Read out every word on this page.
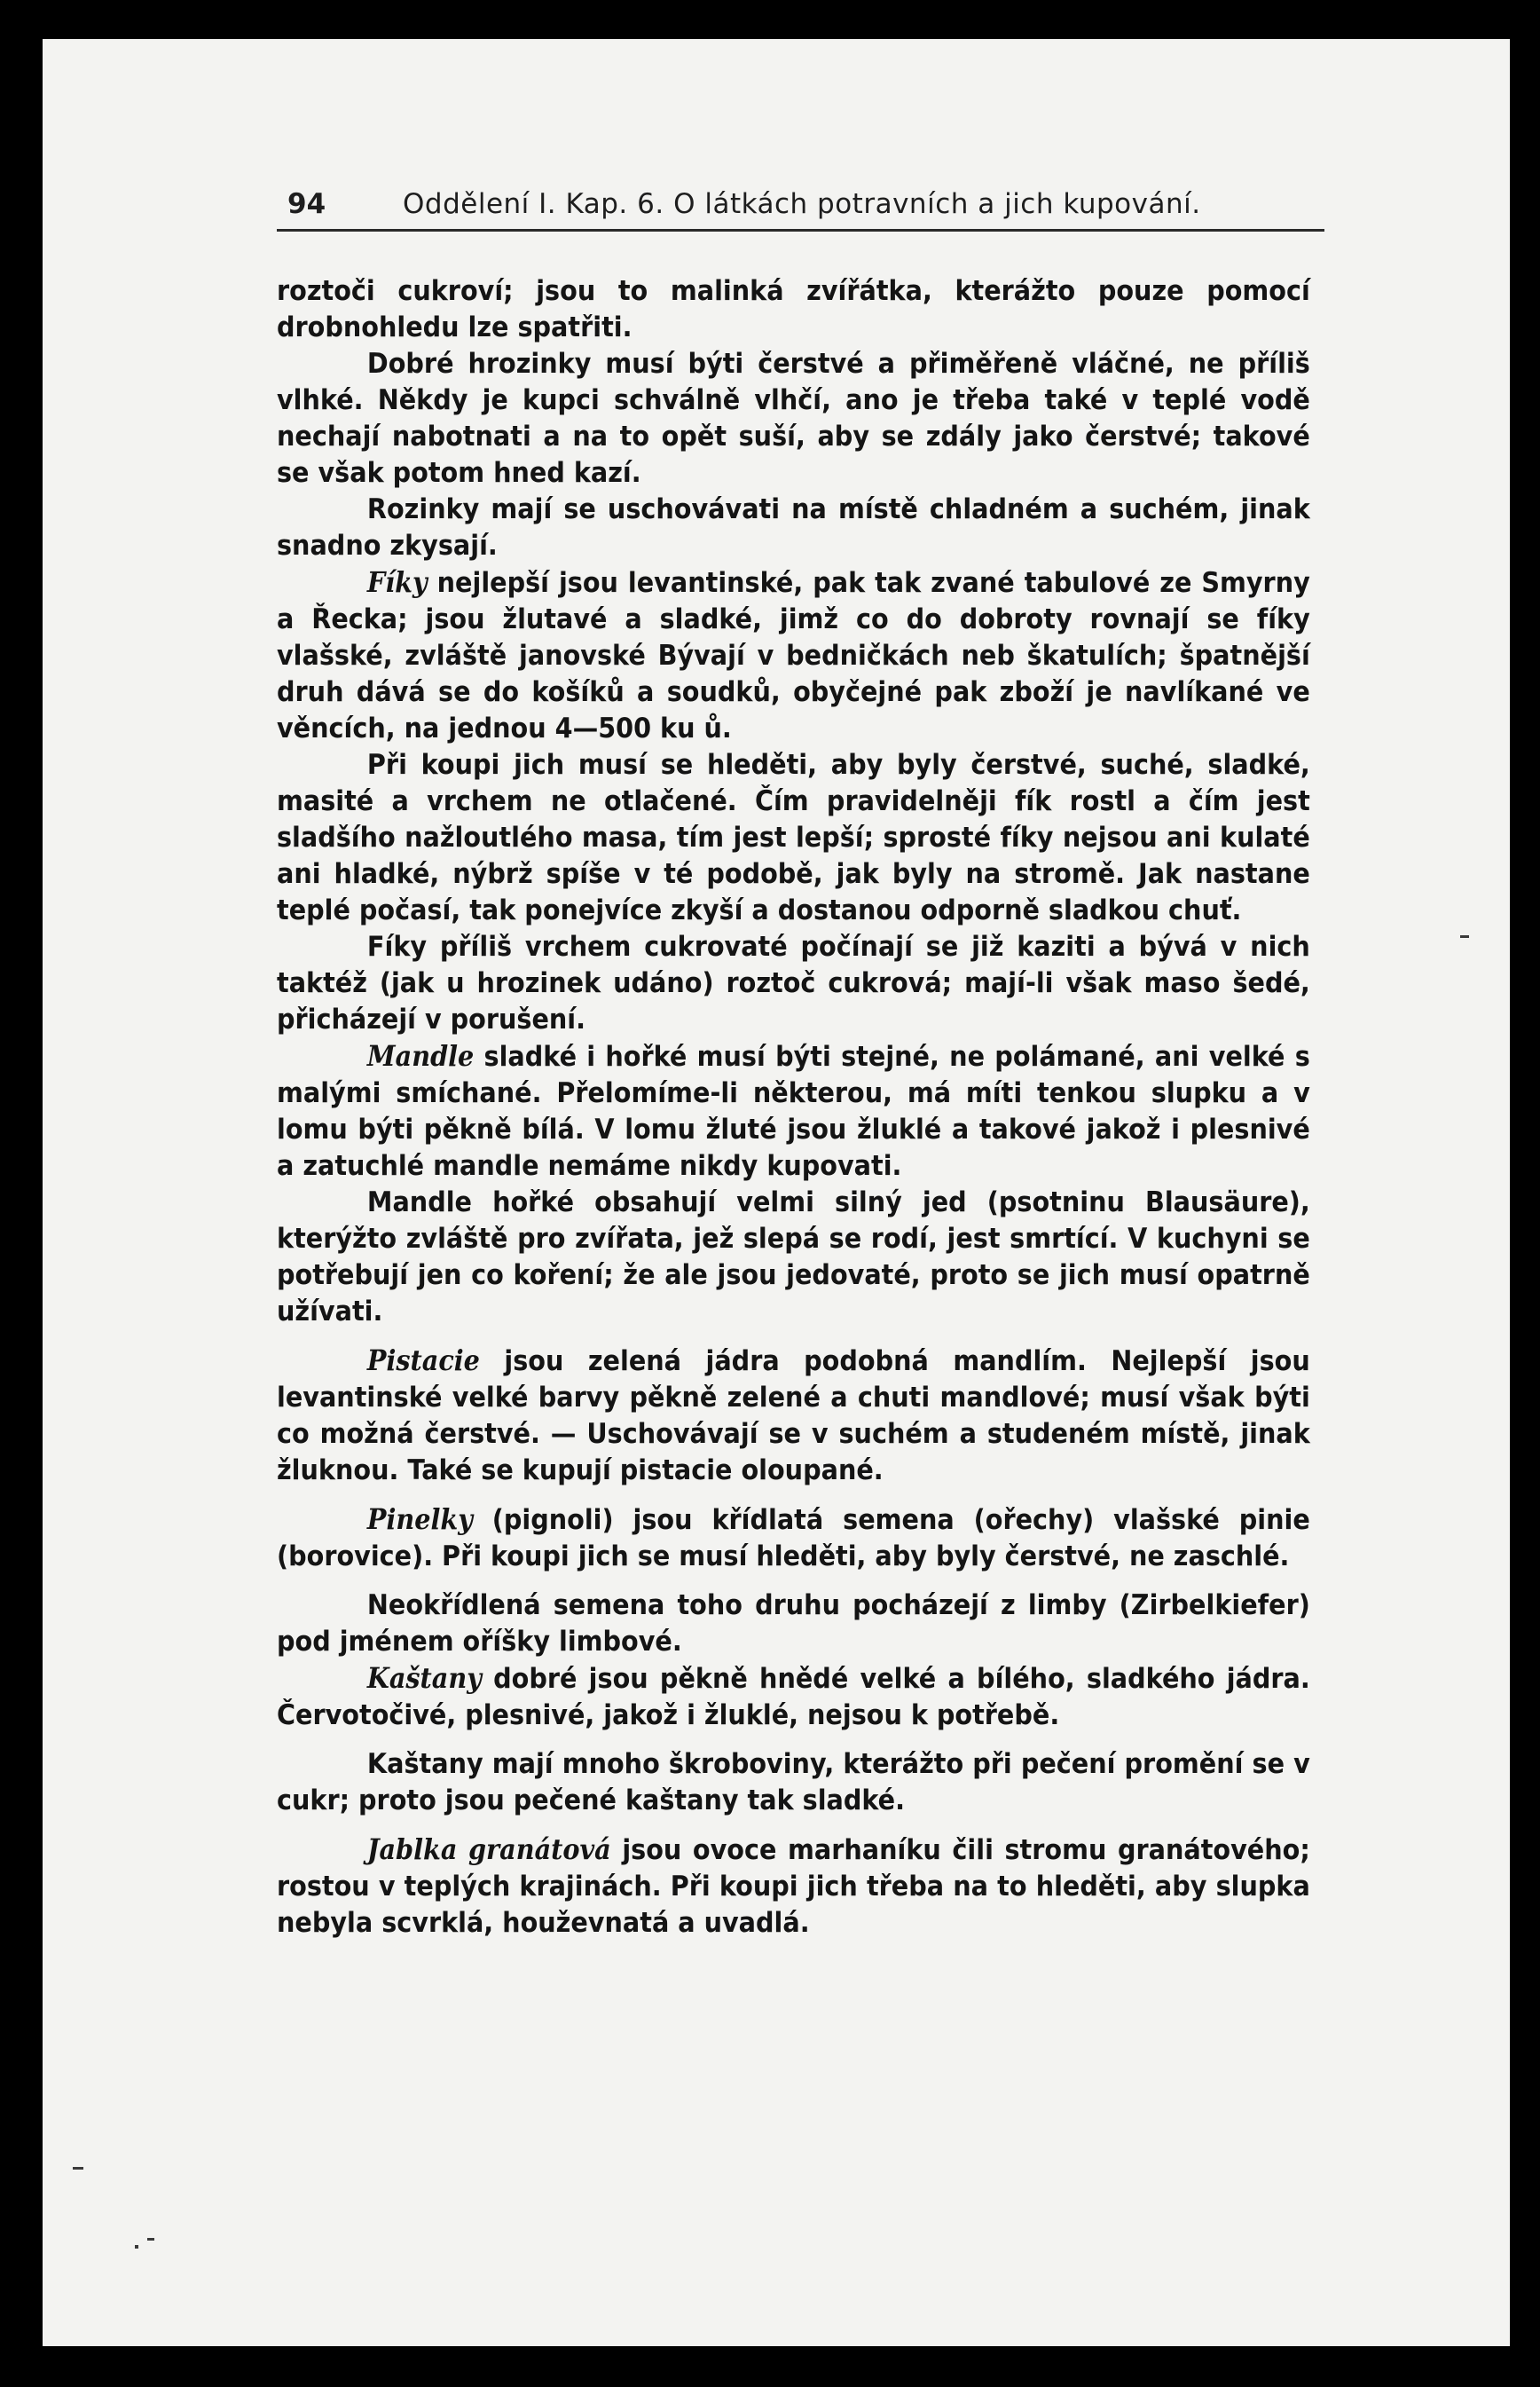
94	Oddělení I. Kap. 6. O látkách potravních a jich kupování.

roztoči cukroví; jsou to malinká zvířátka, kterážto pouze pomocí drobnohledu lze spatřiti.

Dobré hrozinky musí býti čerstvé a přiměřeně vláčné, ne příliš vlhké. Někdy je kupci schválně vlhčí, ano je třeba také v teplé vodě nechají nabotnati a na to opět suší, aby se zdály jako čerstvé; takové se však potom hned kazí.

Rozinky mají se uschovávati na místě chladném a suchém, jinak snadno zkysají.

Fíky nejlepší jsou levantinské, pak tak zvané tabulové ze Smyrny a Řecka; jsou žlutavé a sladké, jimž co do dobroty rovnají se fíky vlašské, zvláště janovské Bývají v bedničkách neb škatulích; špatnější druh dává se do košíků a soudků, obyčejné pak zboží je navlíkané ve věncích, na jednou 4—500 ku ů.

Při koupi jich musí se hleděti, aby byly čerstvé, suché, sladké, masité a vrchem ne otlačené. Čím pravidelněji fík rostl a čím jest sladšího nažloutlého masa, tím jest lepší; sprosté fíky nejsou ani kulaté ani hladké, nýbrž spíše v té podobě, jak byly na stromě. Jak nastane teplé počasí, tak ponejvíce zkyší a dostanou odporně sladkou chuť.

Fíky příliš vrchem cukrovaté počínají se již kaziti a bývá v nich taktéž (jak u hrozinek udáno) roztoč cukrová; mají-li však maso šedé, přicházejí v porušení.

Mandle sladké i hořké musí býti stejné, ne polámané, ani velké s malými smíchané. Přelomíme-li některou, má míti tenkou slupku a v lomu býti pěkně bílá. V lomu žluté jsou žluklé a takové jakož i plesnivé a zatuchlé mandle nemáme nikdy kupovati.

Mandle hořké obsahují velmi silný jed (psotninu Blausäure), kterýžto zvláště pro zvířata, jež slepá se rodí, jest smrtící. V kuchyni se potřebují jen co koření; že ale jsou jedovaté, proto se jich musí opatrně užívati.

Pistacie jsou zelená jádra podobná mandlím. Nejlepší jsou levantinské velké barvy pěkně zelené a chuti mandlové; musí však býti co možná čerstvé. — Uschovávají se v suchém a studeném místě, jinak žluknou. Také se kupují pistacie oloupané.

Pinelky (pignoli) jsou křídlatá semena (ořechy) vlašské pinie (borovice). Při koupi jich se musí hleděti, aby byly čerstvé, ne zaschlé.

Neokřídlená semena toho druhu pocházejí z limby (Zirbelkiefer) pod jménem oříšky limbové.

Kaštany dobré jsou pěkně hnědé velké a bílého, sladkého jádra. Červotočivé, plesnivé, jakož i žluklé, nejsou k potřebě.

Kaštany mají mnoho škroboviny, kterážto při pečení promění se v cukr; proto jsou pečené kaštany tak sladké.

Jablka granátová jsou ovoce marhaníku čili stromu granátového; rostou v teplých krajinách. Při koupi jich třeba na to hleděti, aby slupka nebyla scvrklá, houževnatá a uvadlá.
